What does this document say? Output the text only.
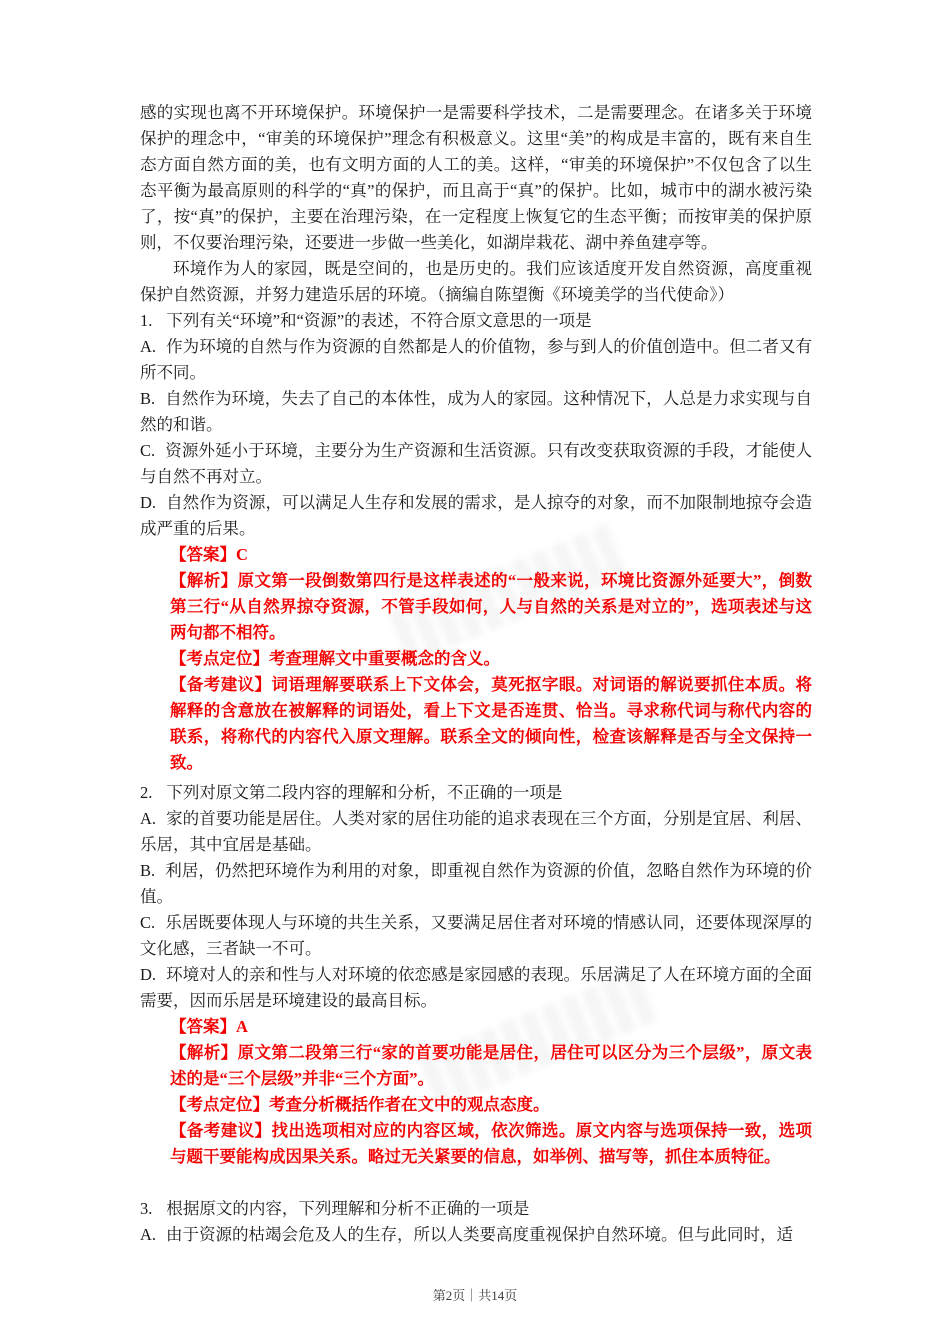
感的实现也离不开环境保护。环境保护一是需要科学技术，二是需要理念。在诸多关于环境保护的理念中，“审美的环境保护”理念有积极意义。这里“美”的构成是丰富的，既有来自生态方面自然方面的美，也有文明方面的人工的美。这样，“审美的环境保护”不仅包含了以生态平衡为最高原则的科学的“真”的保护，而且高于“真”的保护。比如，城市中的湖水被污染了，按“真”的保护，主要在治理污染，在一定程度上恢复它的生态平衡；而按审美的保护原则，不仅要治理污染，还要进一步做一些美化，如湖岸栽花、湖中养鱼建亭等。

环境作为人的家园，既是空间的，也是历史的。我们应该适度开发自然资源，高度重视保护自然资源，并努力建造乐居的环境。（摘编自陈望衡《环境美学的当代使命》）

1. 下列有关“环境”和“资源”的表述，不符合原文意思的一项是

A. 作为环境的自然与作为资源的自然都是人的价值物，参与到人的价值创造中。但二者又有所不同。

B. 自然作为环境，失去了自己的本体性，成为人的家园。这种情况下，人总是力求实现与自然的和谐。

C. 资源外延小于环境，主要分为生产资源和生活资源。只有改变获取资源的手段，才能使人与自然不再对立。

D. 自然作为资源，可以满足人生存和发展的需求，是人掠夺的对象，而不加限制地掠夺会造成严重的后果。

【答案】C

【解析】原文第一段倒数第四行是这样表述的“一般来说，环境比资源外延要大”，倒数第三行“从自然界掠夺资源，不管手段如何，人与自然的关系是对立的”，选项表述与这两句都不相符。

【考点定位】考查理解文中重要概念的含义。

【备考建议】词语理解要联系上下文体会，莫死抠字眼。对词语的解说要抓住本质。将解释的含意放在被解释的词语处，看上下文是否连贯、恰当。寻求称代词与称代内容的联系，将称代的内容代入原文理解。联系全文的倾向性，检查该解释是否与全文保持一致。

2. 下列对原文第二段内容的理解和分析，不正确的一项是

A. 家的首要功能是居住。人类对家的居住功能的追求表现在三个方面，分别是宜居、利居、乐居，其中宜居是基础。

B. 利居，仍然把环境作为利用的对象，即重视自然作为资源的价值，忽略自然作为环境的价值。

C. 乐居既要体现人与环境的共生关系，又要满足居住者对环境的情感认同，还要体现深厚的文化感，三者缺一不可。

D. 环境对人的亲和性与人对环境的依恋感是家园感的表现。乐居满足了人在环境方面的全面需要，因而乐居是环境建设的最高目标。

【答案】A

【解析】原文第二段第三行“家的首要功能是居住，居住可以区分为三个层级”，原文表述的是“三个层级”并非“三个方面”。

【考点定位】考查分析概括作者在文中的观点态度。

【备考建议】找出选项相对应的内容区域，依次筛选。原文内容与选项保持一致，选项与题干要能构成因果关系。略过无关紧要的信息，如举例、描写等，抓住本质特征。

3. 根据原文的内容，下列理解和分析不正确的一项是

A. 由于资源的枯竭会危及人的生存，所以人类要高度重视保护自然环境。但与此同时，适

第2页｜共14页
